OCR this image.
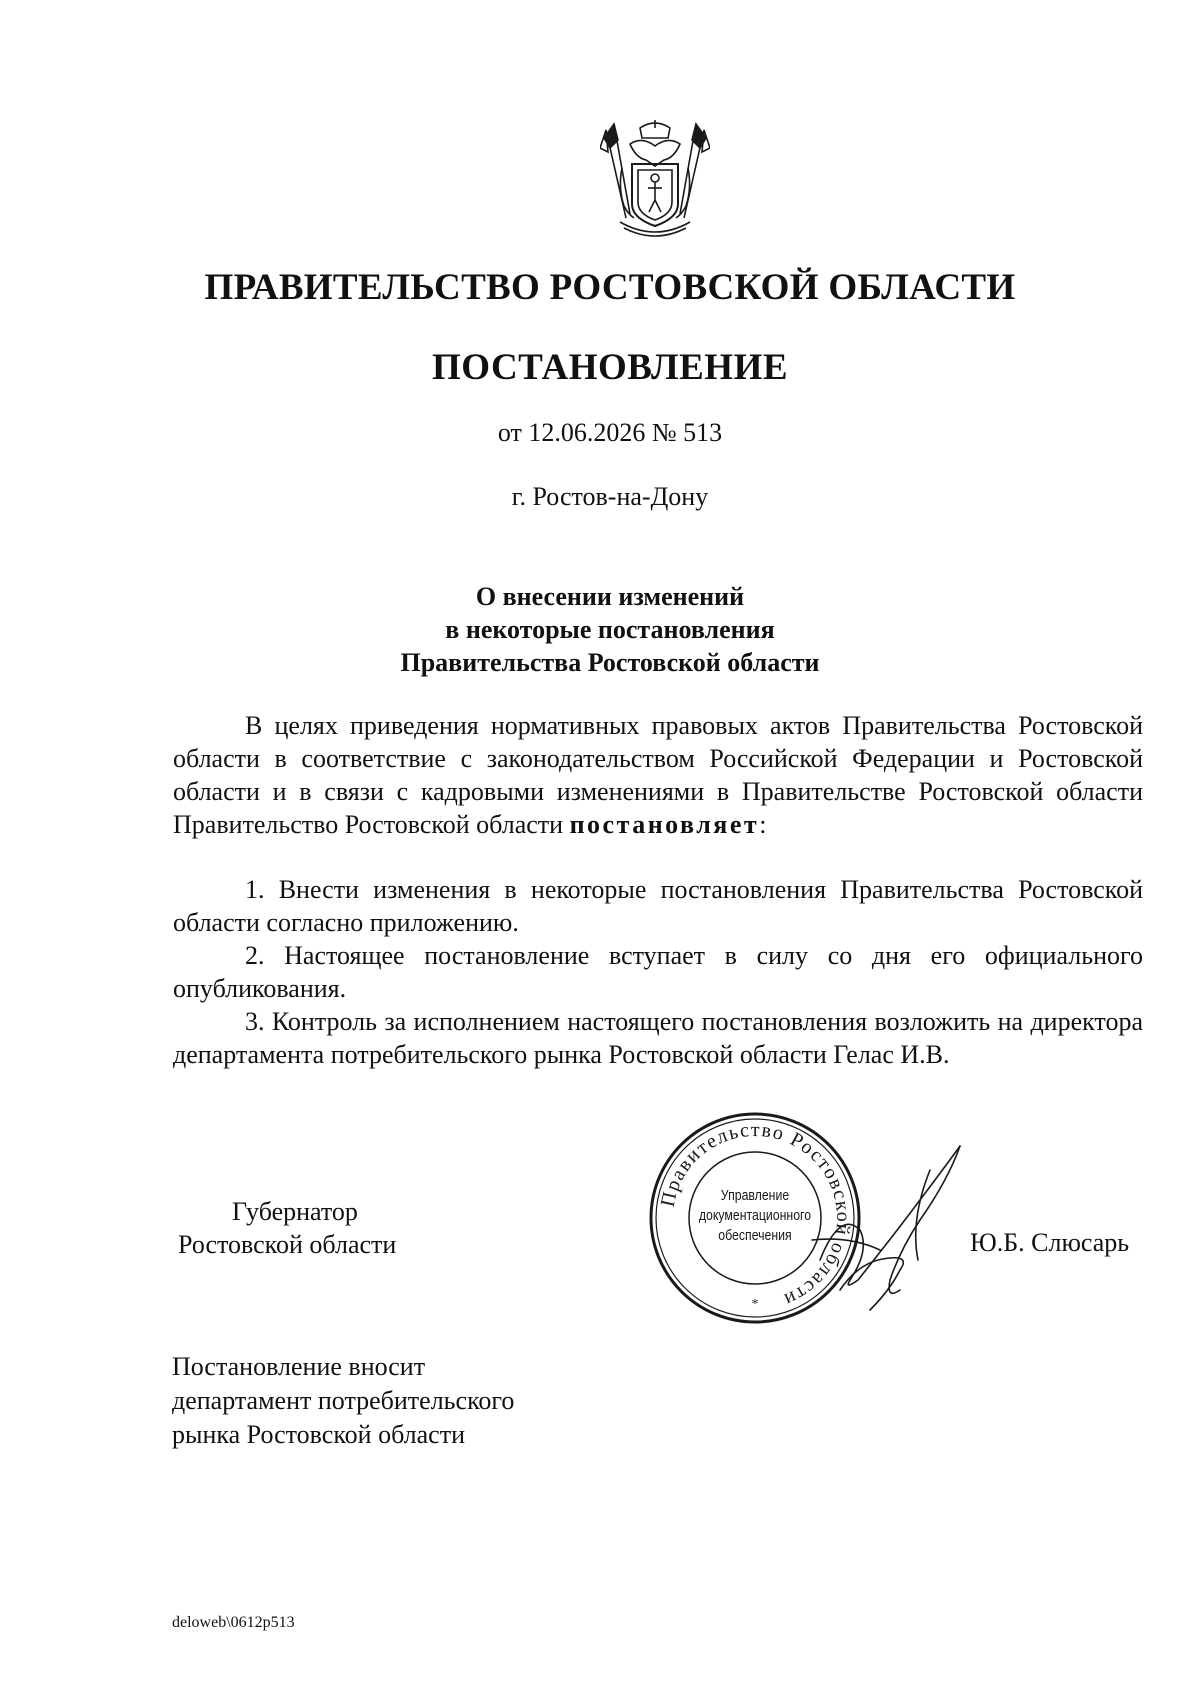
ПРАВИТЕЛЬСТВО РОСТОВСКОЙ ОБЛАСТИ
ПОСТАНОВЛЕНИЕ
от 12.06.2026 № 513
г. Ростов-на-Дону
О внесении изменений
в некоторые постановления
Правительства Ростовской области

В целях приведения нормативных правовых актов Правительства Ростовской области в соответствие с законодательством Российской Федерации и Ростовской области и в связи с кадровыми изменениями в Правительстве Ростовской области Правительство Ростовской области постановляет:

1. Внести изменения в некоторые постановления Правительства Ростовской области согласно приложению.

2. Настоящее постановление вступает в силу со дня его официального опубликования.

3. Контроль за исполнением настоящего постановления возложить на директора департамента потребительского рынка Ростовской области Гелас И.В.

Губернатор
Ростовской области
Правительство Ростовской области
*
Управление
документационного
обеспечения	Ю.Б. Слюсарь
Постановление вносит
департамент потребительского
рынка Ростовской области
deloweb\0612p513
